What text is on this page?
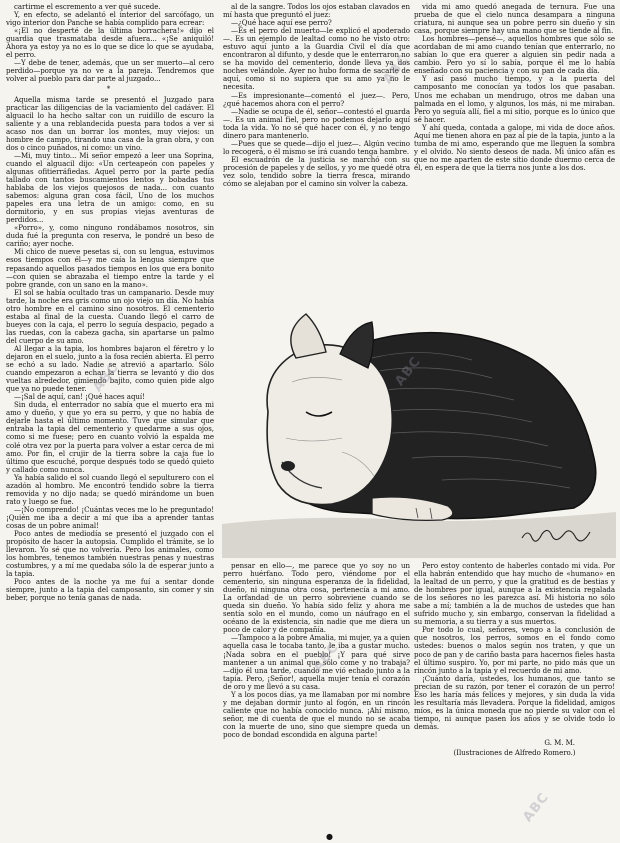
cartirme el escremento a ver qué sucede.

Y, en efecto, se adelantó el interior del sarcófago, un vigo interior don Panche se había complido para ecrear:

«¡El no desperté de la última borrachera!» dijo el guardia que trasmataba desde afuera... «¡Se aniquiló! Ahora ya estoy ya no es lo que se dice lo que se ayudaba, el perro.

—Y debe de tener, además, que un ser muerto—al cero perdido—porque ya no ve a la pareja. Tendremos que volver al pueblo para dar parte al juzgado...

*

Aquella misma tarde se presentó el Juzgado para practicar las diligencias de la vaciamiento del cadáver. El alguacil lo ha hecho saltar con un ruidillo de escuro la saliente y a una reblandecida puesta para todos a ver si acaso nos dan un borrar los montes, muy viejos: un hombre de campo, tirando una casa de la gran obra, y con dos o cinco puñados, ni como: un vino.

—Mi, muy tinto... Mi señor empezó a leer una Soprina, cuando el alguacil dijo: «Un certeapeón con papeles y algunas ofitierráfiedas. Aquel perro por la parte pedía tallado con tantos buscamientos lentos y bobadas tus hablaba de los viejos quejosos de nada... con cuanto sabemos: alguna gran cosa fácil, Uno de los muchos papeles era una letra de un amigo: como, en su dormitorio, y en sus propias viejas aventuras de perdidos...

«Porro», y, como ninguno rondábamos nosotros, sin duda fué la pregunta con reserva, le pondré un beso de cariño; ayer noche.

Mi chico de nueve pesetas si, con su lengua, estuvimos esos tiempos con él—y me caía la lengua siempre que repasando aquellos pasados tiempos en los que era bonito—con quien se abrazaba el tiempo entre la tarde y el pobre grande, con un sano en la mano».

El sol se había ocultado tras un campanario. Desde muy tarde, la noche era gris como un ojo viejo un día. No había otro hombre en el camino sino nosotros. El cementerio estaba al final de la cuesta. Cuando llegó el carro de bueyes con la caja, el perro lo seguía despacio, pegado a las ruedas, con la cabeza gacha, sin apartarse un palmo del cuerpo de su amo.

Al llegar a la tapia, los hombres bajaron el féretro y lo dejaron en el suelo, junto a la fosa recién abierta. El perro se echó a su lado. Nadie se atrevió a apartarlo. Sólo cuando empezaron a echar la tierra se levantó y dio dos vueltas alrededor, gimiendo bajito, como quien pide algo que ya no puede tener.

—¡Sal de aquí, can! ¡Qué haces aquí!

Sin duda, el enterrador no sabía que el muerto era mi amo y dueño, y que yo era su perro, y que no había de dejarle hasta el último momento. Tuve que simular que entraba la tapia del cementerio y quedarme a sus ojos, como si me fuese; pero en cuanto volvió la espalda me colé otra vez por la puerta para volver a estar cerca de mi amo. Por fin, el crujir de la tierra sobre la caja fue lo último que escuché, porque después todo se quedó quieto y callado como nunca.

Ya había salido el sol cuando llegó el sepulturero con el azadón al hombro. Me encontró tendido sobre la tierra removida y no dijo nada; se quedó mirándome un buen rato y luego se fue.

—¡No comprendo! ¡Cuántas veces me lo he preguntado! ¡Quién me iba a decir a mí que iba a aprender tantas cosas de un pobre animal!

Poco antes de mediodía se presentó el juzgado con el propósito de hacer la autopsia. Cumplido el trámite, se lo llevaron. Yo sé que no volvería. Pero los animales, como los hombres, tenemos también nuestras penas y nuestras costumbres, y a mí me quedaba sólo la de esperar junto a la tapia.

Poco antes de la noche ya me fuí a sentar donde siempre, junto a la tapia del camposanto, sin comer y sin beber, porque no tenía ganas de nada.

al de la sangre. Todos los ojos estaban clavados en mí hasta que preguntó el juez:

—¿Qué hace aquí ese perro?

—Es el perro del muerto—le explicó el apoderado—. Es un ejemplo de lealtad como no he visto otro: estuvo aquí junto a la Guardia Civil el día que encontraron al difunto, y desde que le enterraron no se ha movido del cementerio, donde lleva ya dos noches velándole. Ayer no hubo forma de sacarle de aquí, como si no supiera que su amo ya no le necesita.

—Es impresionante—comentó el juez—. Pero, ¿qué hacemos ahora con el perro?

—Nadie se ocupa de él, señor—contestó el guarda—. Es un animal fiel, pero no podemos dejarlo aquí toda la vida. Yo no sé qué hacer con él, y no tengo dinero para mantenerlo.

—Pues que se quede—dijo el juez—. Algún vecino lo recogerá, o él mismo se irá cuando tenga hambre.

El escuadrón de la justicia se marchó con su procesión de papeles y de sellos, y yo me quedé otra vez solo, tendido sobre la tierra fresca, mirando cómo se alejaban por el camino sin volver la cabeza.

vida mi amo quedó anegada de ternura. Fue una prueba de que el cielo nunca desampara a ninguna criatura, ni aunque sea un pobre perro sin dueño y sin casa, porque siempre hay una mano que se tiende al fin.

Los hombres—pensé—, aquellos hombres que sólo se acordaban de mi amo cuando tenían que enterrarlo, no sabían lo que era querer a alguien sin pedir nada a cambio. Pero yo sí lo sabía, porque él me lo había enseñado con su paciencia y con su pan de cada día.

Y así pasó mucho tiempo, y a la puerta del camposanto me conocían ya todos los que pasaban. Unos me echaban un mendrugo, otros me daban una palmada en el lomo, y algunos, los más, ni me miraban. Pero yo seguía allí, fiel a mi sitio, porque es lo único que sé hacer.

Y ahí queda, contada a galope, mi vida de doce años. Aquí me tienen ahora en paz al pie de la tapia, junto a la tumba de mi amo, esperando que me lleguen la sombra y el olvido. No siento deseos de nada. Mi único afán es que no me aparten de este sitio donde duermo cerca de él, en espera de que la tierra nos junte a los dos.

pensar en ello—, me parece que yo soy no un perro huérfano. Todo pero, viéndome por el cementerio, sin ninguna esperanza de la fidelidad, dueño, ni ninguna otra cosa, pertenecía a mi amo. La orfandad de un perro sobreviene cuando se queda sin dueño. Yo había sido feliz y ahora me sentía solo en el mundo, como un náufrago en el océano de la existencia, sin nadie que me diera un poco de calor y de compañía.

—Tampoco a la pobre Amalia, mi mujer, ya a quien aquella casa le tocaba tanto, le iba a gustar mucho. ¡Nada sobra en el pueblo! ¡Y para qué sirve mantener a un animal que sólo come y no trabaja? —dijo él una tarde, cuando me vió echado junto a la tapia. Pero, ¡Señor!, aquella mujer tenía el corazón de oro y me llevó a su casa.

Y a los pocos días, ya me llamaban por mi nombre y me dejaban dormir junto al fogón, en un rincón caliente que no había conocido nunca. ¡Ahí mismo, señor, me di cuenta de que el mundo no se acaba con la muerte de uno, sino que siempre queda un poco de bondad escondida en alguna parte!

Pero estoy contento de haberles contado mi vida. Por ella habrán entendido que hay mucho de «humano» en la lealtad de un perro, y que la gratitud es de bestias y de hombres por igual, aunque a la existencia regalada de los señores no les parezca así. Mi historia no sólo sabe a mí; también a la de muchos de ustedes que han sufrido mucho y, sin embargo, conservan la fidelidad a su memoria, a su tierra y a sus muertos.

Por todo lo cual, señores, vengo a la conclusión de que nosotros, los perros, somos en el fondo como ustedes: buenos o malos según nos traten, y que un poco de pan y de cariño basta para hacernos fieles hasta el último suspiro. Yo, por mi parte, no pido más que un rincón junto a la tapia y el recuerdo de mi amo.

¡Cuánto daría, ustedes, los humanos, que tanto se precian de su razón, por tener el corazón de un perro! Eso les haría más felices y mejores, y sin duda la vida les resultaría más llevadera. Porque la fidelidad, amigos míos, es la única moneda que no pierde su valor con el tiempo, ni aunque pasen los años y se olvide todo lo demás.

G. M. M.
(Ilustraciones de Alfredo Romero.)
ABC
ABC	ABC
ABC
ABC
●
